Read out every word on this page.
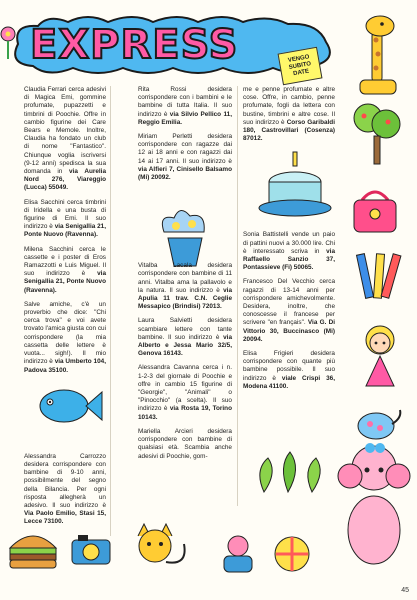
EXPRESS	VENGO
SUBITO
DATE

Claudia Ferrari cerca adesivi di Magica Emi, gommine profumate, pupazzetti e timbrini di Poochie. Offre in cambio figurine dei Care Bears e Memole. Inoltre, Claudia ha fondato un club di nome "Fantastico". Chiunque voglia iscriversi (9-12 anni) spedisca la sua domanda in via Aurelia Nord 276, Viareggio (Lucca) 55049.

Elisa Sacchini cerca timbrini di Iridella e una busta di figurine di Emi. Il suo indirizzo è via Senigallia 21, Ponte Nuovo (Ravenna).

Milena Sacchini cerca le cassette e i poster di Eros Ramazzotti e Luis Miguel. Il suo indirizzo è via Senigallia 21, Ponte Nuovo (Ravenna).

Salve amiche, c'è un proverbio che dice: "Chi cerca trova" e voi avete trovato l'amica giusta con cui corrispondere (la mia cassetta delle lettere è vuota... sigh!). Il mio indirizzo è via Umberto 104, Padova 35100.

Alessandra Carrozzo desidera corrispondere con bambine di 9-10 anni, possibilmente del segno della Bilancia. Per ogni risposta allegherà un adesivo. Il suo indirizzo è Via Paolo Emilio, Stasi 15, Lecce 73100.

Rita Rossi desidera corrispondere con i bambini e le bambine di tutta Italia. Il suo indirizzo è via Silvio Pellico 11, Reggio Emilia.

Miriam Perletti desidera corrispondere con ragazze dai 12 ai 18 anni e con ragazzi dai 14 ai 17 anni. Il suo indirizzo è via Alfieri 7, Cinisello Balsamo (Mi) 20092.

Vitalba Lacala desidera corrispondere con bambine di 11 anni. Vitalba ama la pallavolo e la natura. Il suo indirizzo è via Apulia 11 trav. C.N. Ceglie Messapico (Brindisi) 72013.

Laura Salvietti desidera scambiare lettere con tante bambine. Il suo indirizzo è via Alberto e Jessa Mario 32/5, Genova 16143.

Alessandra Cavanna cerca i n. 1-2-3 del giornale di Poochie e offre in cambio 15 figurine di "Georgie", "Animali" o "Pinocchio" (a scelta). Il suo indirizzo è via Rosta 19, Torino 10143.

Mariella Arcieri desidera corrispondere con bambine di qualsiasi età. Scambia anche adesivi di Poochie, gom-

me e penne profumate e altre cose. Offre, in cambio, penne profumate, fogli da lettera con bustine, timbrini e altre cose. Il suo indirizzo è Corso Garibaldi 180, Castrovillari (Cosenza) 87012.

Sonia Battistelli vende un paio di pattini nuovi a 30.000 lire. Chi è interessato scriva in via Raffaello Sanzio 37, Pontassieve (Fi) 50065.

Francesco Del Vecchio cerca ragazzi di 13-14 anni per corrispondere amichevolmente. Desidera, inoltre, che conoscesse il francese per scrivere "en français". Via G. Di Vittorio 30, Buccinasco (Mi) 20094.

Elisa Frigieri desidera corrispondere con quante più bambine possibile. Il suo indirizzo è viale Crispi 36, Modena 41100.

45
